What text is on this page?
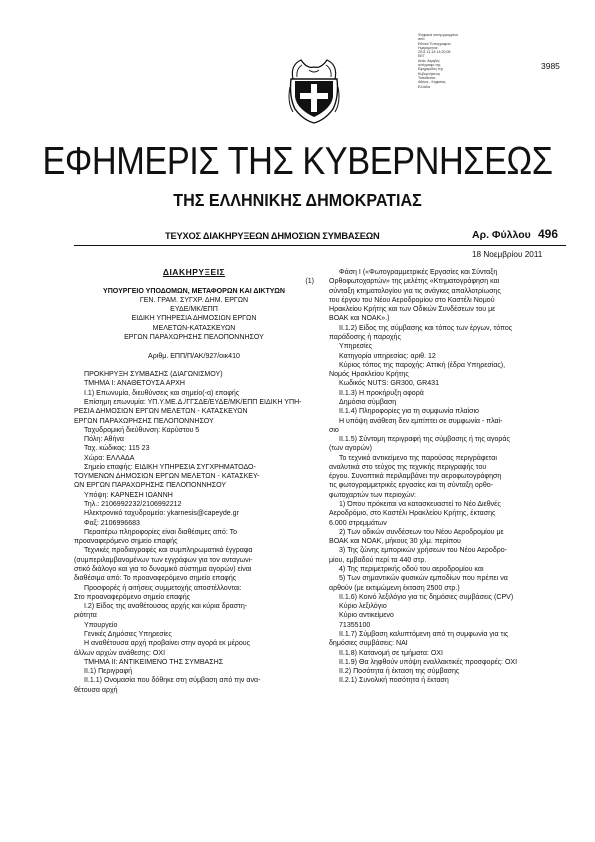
Ψηφιακά υπογεγραμμένο
από
Εθνικό Τυπογραφείο
Ημερομηνία:
2011.11.18 14:20:06
EET
Αιτία: Ακριβές
αντίγραφο της
Εφημερίδας της
Κυβερνήσεως
Τοποθεσία:
Αθήνα - Κηφισίας
Ελλάδα
3985
ΕΦΗΜΕΡΙΣ ΤΗΣ ΚΥΒΕΡΝΗΣΕΩΣ
ΤΗΣ ΕΛΛΗΝΙΚΗΣ ΔΗΜΟΚΡΑΤΙΑΣ
ΤΕΥΧΟΣ ΔΙΑΚΗΡΥΞΕΩΝ ΔΗΜΟΣΙΩΝ ΣΥΜΒΑΣΕΩΝ	Αρ. Φύλλου 496
18 Νοεμβρίου 2011
ΔΙΑΚΗΡΥΞΕΙΣ
(1)
ΥΠΟΥΡΓΕΙΟ ΥΠΟΔΟΜΩΝ, ΜΕΤΑΦΟΡΩΝ ΚΑΙ ΔΙΚΤΥΩΝ
ΓΕΝ. ΓΡΑΜ. ΣΥΓΧΡ. ΔΗΜ. ΕΡΓΩΝ
ΕΥΔΕ/ΜΚ/ΕΠΠ
ΕΙΔΙΚΗ ΥΠΗΡΕΣΙΑ ΔΗΜΟΣΙΩΝ ΕΡΓΩΝ
ΜΕΛΕΤΩΝ-ΚΑΤΑΣΚΕΥΩΝ
ΕΡΓΩΝ ΠΑΡΑΧΩΡΗΣΗΣ ΠΕΛΟΠΟΝΝΗΣΟΥ

Αριθμ. ΕΠΠ/Π/ΑΚ/927/οικ410

ΠΡΟΚΗΡΥΞΗ ΣΥΜΒΑΣΗΣ (ΔΙΑΓΩΝΙΣΜΟΥ)
ΤΜΗΜΑ Ι: ΑΝΑΘΕΤΟΥΣΑ ΑΡΧΗ
Ι.1) Επωνυμία, διευθύνσεις και σημείο(-α) επαφής
Επίσημη επωνυμία: ΥΠ.Υ.ΜΕ.Δ./ΓΓΣΔΕ/ΕΥΔΕ/ΜΚ/ΕΠΠ ΕΙΔΙΚΗ ΥΠΗ-
ΡΕΣΙΑ ΔΗΜΟΣΙΩΝ ΕΡΓΩΝ ΜΕΛΕΤΩΝ - ΚΑΤΑΣΚΕΥΩΝ
ΕΡΓΩΝ ΠΑΡΑΧΩΡΗΣΗΣ ΠΕΛΟΠΟΝΝΗΣΟΥ
Ταχυδρομική διεύθυνση: Καρύστου 5
Πόλη: Αθήνα
Ταχ. κώδικας: 115 23
Χώρα: ΕΛΛΑΔΑ
Σημείο επαφής: ΕΙΔΙΚΗ ΥΠΗΡΕΣΙΑ ΣΥΓΧΡΗΜΑΤΟΔΟ-
ΤΟΥΜΕΝΩΝ ΔΗΜΟΣΙΩΝ ΕΡΓΩΝ ΜΕΛΕΤΩΝ - ΚΑΤΑΣΚΕΥ-
ΩΝ ΕΡΓΩΝ ΠΑΡΑΧΩΡΗΣΗΣ ΠΕΛΟΠΟΝΝΗΣΟΥ
Υπόψη: ΚΑΡΝΕΣΗ ΙΩΑΝΝΗ
Τηλ.: 2106992232/2106992212
Ηλεκτρονικό ταχυδρομείο: ykarnesis@capeyde.gr
Φαξ: 2106996683
Περαιτέρω πληροφορίες είναι διαθέσιμες από: Το
προαναφερόμενο σημείο επαφής
Τεχνικές προδιαγραφές και συμπληρωματικά έγγραφα
(συμπεριλαμβανομένων των εγγράφων για τον ανταγωνι-
στικό διάλογο και για το δυναμικό σύστημα αγορών) είναι
διαθέσιμα από: Το προαναφερόμενο σημείο επαφής
Προσφορές ή αιτήσεις συμμετοχής αποστέλλονται:
Στο προαναφερόμενο σημείο επαφής
Ι.2) Είδος της αναθέτουσας αρχής και κύρια δραστη-
ριότητα
Υπουργείο
Γενικές Δημόσιες Υπηρεσίες
Η αναθέτουσα αρχή προβαίνει στην αγορά εκ μέρους
άλλων αρχών ανάθεσης: ΟΧΙ
ΤΜΗΜΑ ΙΙ: ΑΝΤΙΚΕΙΜΕΝΟ ΤΗΣ ΣΥΜΒΑΣΗΣ
ΙΙ.1) Περιγραφή
ΙΙ.1.1) Ονομασία που δόθηκε στη σύμβαση από την ανα-
θέτουσα αρχή
Φάση Ι («Φωτογραμμετρικές Εργασίες και Σύνταξη
Ορθοφωτοχαρτών» της μελέτης «Κτηματογράφηση και
σύνταξη κτηματολογίου για τις ανάγκες απαλλοτρίωσης
του έργου του Νέου Αεροδρομίου στο Καστέλι Νομού
Ηρακλείου Κρήτης και των Οδικών Συνδέσεων του με
ΒΟΑΚ και ΝΟΑΚ».)
ΙΙ.1.2) Είδος της σύμβασης και τόπος των έργων, τόπος
παράδοσης ή παροχής
Υπηρεσίες
Κατηγορία υπηρεσίας: αριθ. 12
Κύριος τόπος της παροχής: Αττική (έδρα Υπηρεσίας),
Νομός Ηρακλείου Κρήτης
Κωδικός NUTS: GR300, GR431
ΙΙ.1.3) Η προκήρυξη αφορά
Δημόσια σύμβαση
ΙΙ.1.4) Πληροφορίες για τη συμφωνία πλαίσιο
Η υπόψη ανάθεση δεν εμπίπτει σε συμφωνία - πλαί-
σιο
ΙΙ.1.5) Σύντομη περιγραφή της σύμβασης ή της αγοράς
(των αγορών)
Το τεχνικό αντικείμενο της παρούσας περιγράφεται
αναλυτικά στο τεύχος της τεχνικής περιγραφής του
έργου. Συνοπτικά περιλαμβάνει την αεροφωτογράφηση
τις φωτογραμμετρικές εργασίες και τη σύνταξη ορθο-
φωτοχαρτών των περιοχών:
1) Όπου πρόκειται να κατασκευαστεί το Νέο Διεθνές
Αεροδρόμιο, στο Καστέλι Ηρακλείου Κρήτης, έκτασης
6.000 στρεμμάτων
2) Των οδικών συνδέσεων του Νέου Αεροδρομίου με
ΒΟΑΚ και ΝΟΑΚ, μήκους 30 χλμ. περίπου
3) Της ζώνης εμπορικών χρήσεων του Νέου Αεροδρο-
μίου, εμβαδού περί τα 440 στρ.
4) Της περιμετρικής οδού του αεροδρομίου και
5) Των σημαντικών φυσικών εμποδίων που πρέπει να
αρθούν (με εκτιμώμενη έκταση 2500 στρ.)
ΙΙ.1.6) Κοινό λεξιλόγιο για τις δημόσιες συμβάσεις (CPV)
Κύριο λεξιλόγιο
Κύριο αντικείμενο
71355100
ΙΙ.1.7) Σύμβαση καλυπτόμενη από τη συμφωνία για τις
δημόσιες συμβάσεις: ΝΑΙ
ΙΙ.1.8) Κατανομή σε τμήματα: ΟΧΙ
ΙΙ.1.9) Θα ληφθούν υπόψη εναλλακτικές προσφορές: ΟΧΙ
ΙΙ.2) Ποσότητα ή έκταση της σύμβασης
ΙΙ.2.1) Συνολική ποσότητα ή έκταση
